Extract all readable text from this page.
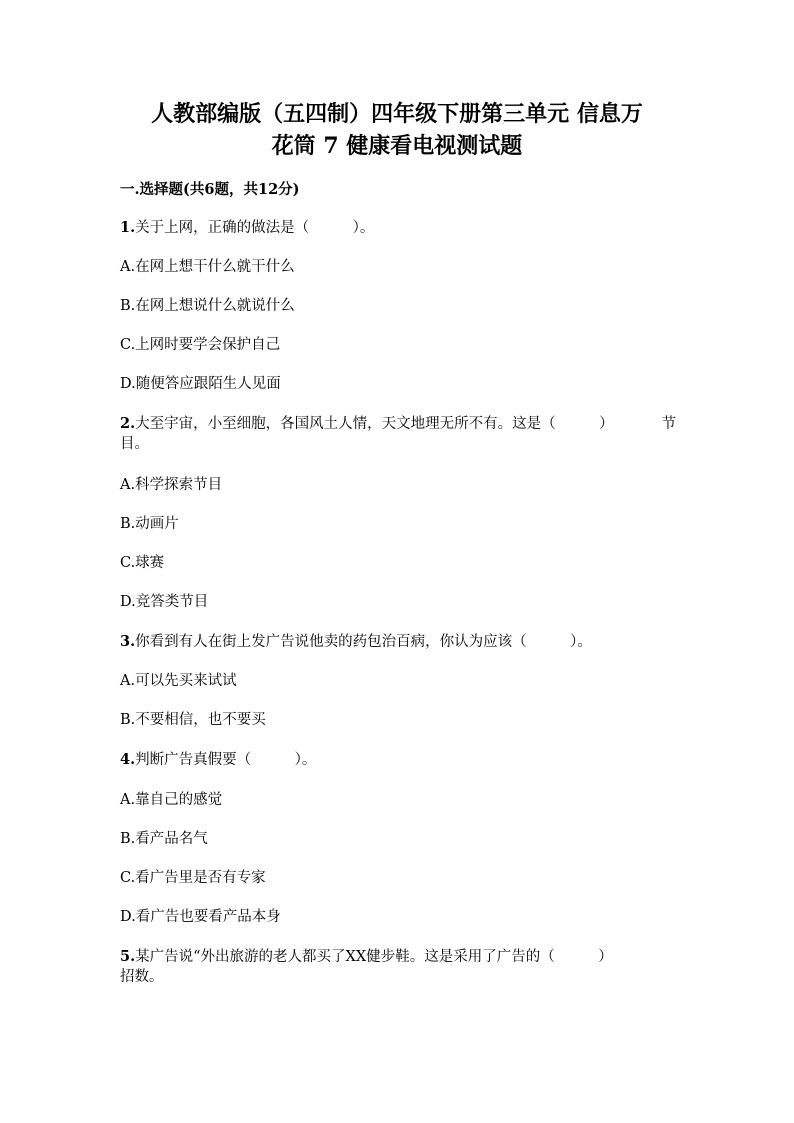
人教部编版（五四制）四年级下册第三单元 信息万
花筒 7 健康看电视测试题
一.选择题(共6题，共12分)
1.关于上网，正确的做法是（　　　）。
A.在网上想干什么就干什么
B.在网上想说什么就说什么
C.上网时要学会保护自己
D.随便答应跟陌生人见面
2.大至宇宙，小至细胞，各国风土人情，天文地理无所不有。这是（　　　）	节
目。
A.科学探索节目
B.动画片
C.球赛
D.竞答类节目
3.你看到有人在街上发广告说他卖的药包治百病，你认为应该（　　　）。
A.可以先买来试试
B.不要相信，也不要买
4.判断广告真假要（　　　）。
A.靠自己的感觉
B.看产品名气
C.看广告里是否有专家
D.看广告也要看产品本身
5.某广告说“外出旅游的老人都买了XX健步鞋。这是采用了广告的（　　　）
招数。
